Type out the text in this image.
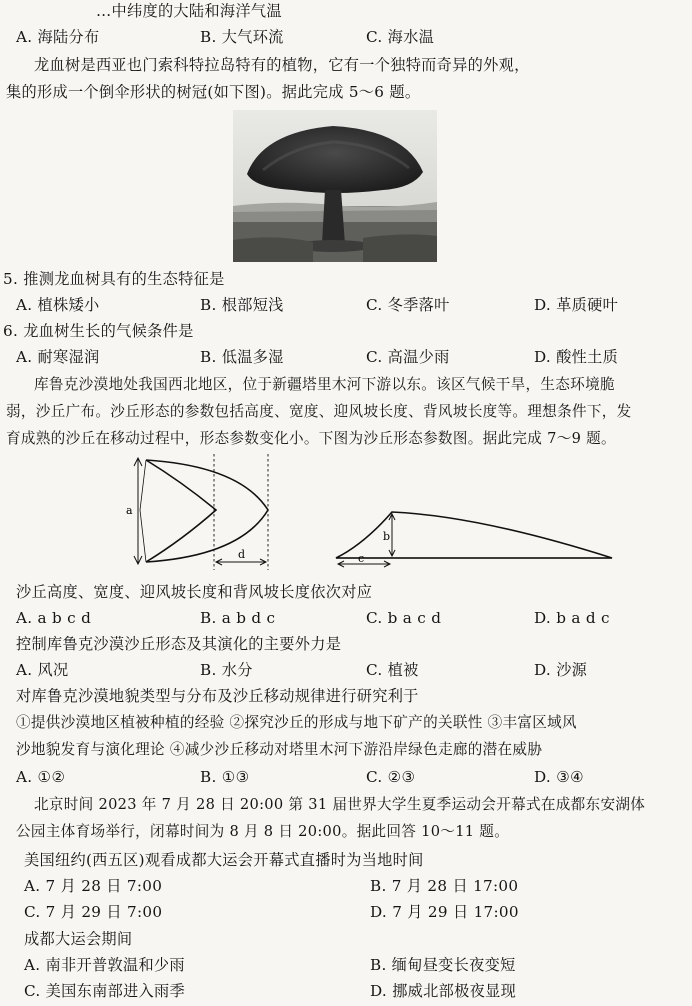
…中纬度的大陆和海洋气温
A. 海陆分布	B. 大气环流	C. 海水温
龙血树是西亚也门索科特拉岛特有的植物，它有一个独特而奇异的外观，
集的形成一个倒伞形状的树冠(如下图)。据此完成 5～6 题。
5. 推测龙血树具有的生态特征是
A. 植株矮小	B. 根部短浅	C. 冬季落叶	D. 革质硬叶
6. 龙血树生长的气候条件是
A. 耐寒湿润	B. 低温多湿	C. 高温少雨	D. 酸性土质
库鲁克沙漠地处我国西北地区，位于新疆塔里木河下游以东。该区气候干旱，生态环境脆
弱，沙丘广布。沙丘形态的参数包括高度、宽度、迎风坡长度、背风坡长度等。理想条件下，发
育成熟的沙丘在移动过程中，形态参数变化小。下图为沙丘形态参数图。据此完成 7～9 题。
a
d
b
c
沙丘高度、宽度、迎风坡长度和背风坡长度依次对应
A. a b c d	B. a b d c	C. b a c d	D. b a d c
控制库鲁克沙漠沙丘形态及其演化的主要外力是
A. 风况	B. 水分	C. 植被	D. 沙源
对库鲁克沙漠地貌类型与分布及沙丘移动规律进行研究利于
①提供沙漠地区植被种植的经验 ②探究沙丘的形成与地下矿产的关联性 ③丰富区域风
沙地貌发育与演化理论 ④减少沙丘移动对塔里木河下游沿岸绿色走廊的潜在威胁
A. ①②	B. ①③	C. ②③	D. ③④
北京时间 2023 年 7 月 28 日 20:00 第 31 届世界大学生夏季运动会开幕式在成都东安湖体
公园主体育场举行，闭幕时间为 8 月 8 日 20:00。据此回答 10～11 题。
美国纽约(西五区)观看成都大运会开幕式直播时为当地时间
A. 7 月 28 日 7:00	B. 7 月 28 日 17:00
C. 7 月 29 日 7:00	D. 7 月 29 日 17:00
成都大运会期间
A. 南非开普敦温和少雨	B. 缅甸昼变长夜变短
C. 美国东南部进入雨季	D. 挪威北部极夜显现
